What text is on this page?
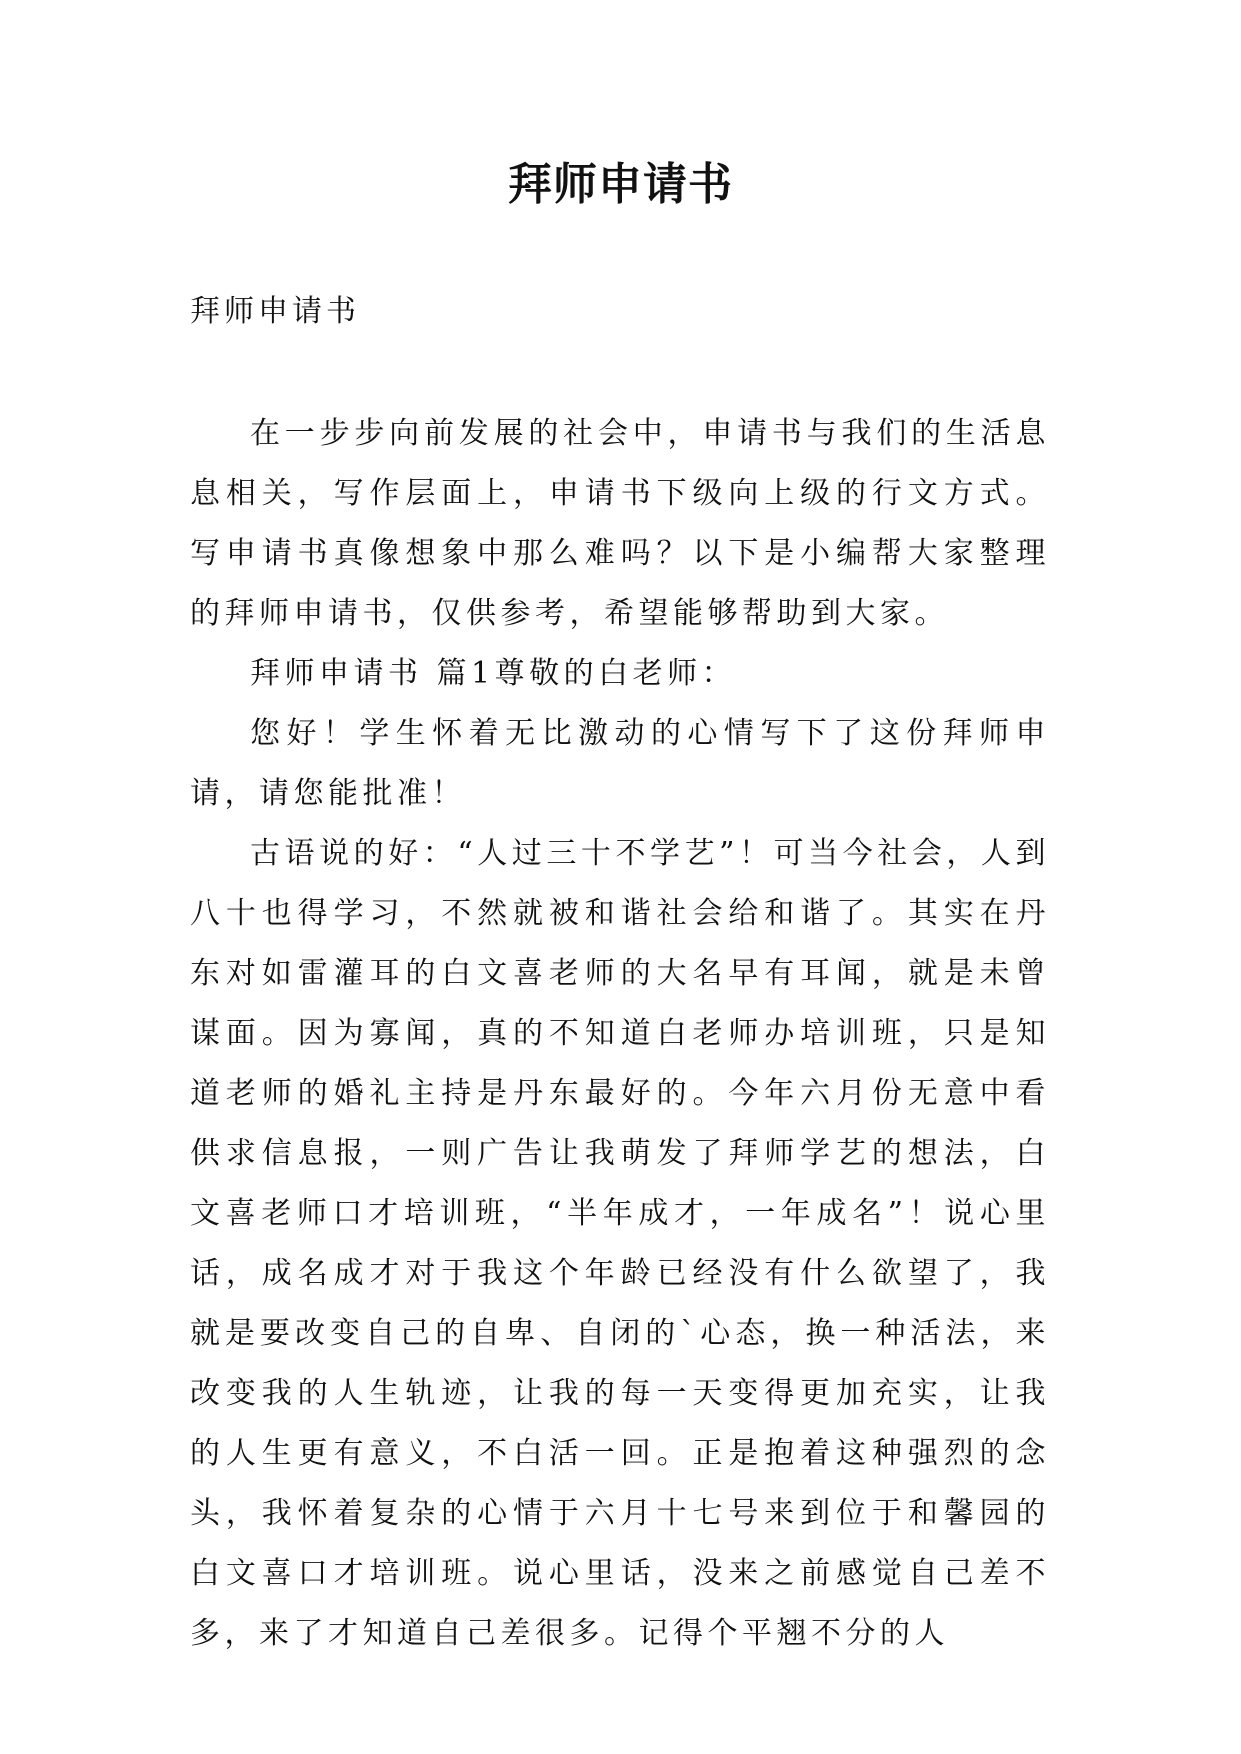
拜师申请书
拜师申请书

在一步步向前发展的社会中，申请书与我们的生活息息相关，写作层面上，申请书下级向上级的行文方式。写申请书真像想象中那么难吗？以下是小编帮大家整理的拜师申请书，仅供参考，希望能够帮助到大家。

拜师申请书 篇1尊敬的白老师：

您好！学生怀着无比激动的心情写下了这份拜师申请，请您能批准！

古语说的好：“人过三十不学艺”！可当今社会，人到八十也得学习，不然就被和谐社会给和谐了。其实在丹东对如雷灌耳的白文喜老师的大名早有耳闻，就是未曾谋面。因为寡闻，真的不知道白老师办培训班，只是知道老师的婚礼主持是丹东最好的。今年六月份无意中看供求信息报，一则广告让我萌发了拜师学艺的想法，白文喜老师口才培训班，“半年成才，一年成名”！说心里话，成名成才对于我这个年龄已经没有什么欲望了，我就是要改变自己的自卑、自闭的`心态，换一种活法，来改变我的人生轨迹，让我的每一天变得更加充实，让我的人生更有意义，不白活一回。正是抱着这种强烈的念头，我怀着复杂的心情于六月十七号来到位于和馨园的白文喜口才培训班。说心里话，没来之前感觉自己差不多，来了才知道自己差很多。记得个平翘不分的人
